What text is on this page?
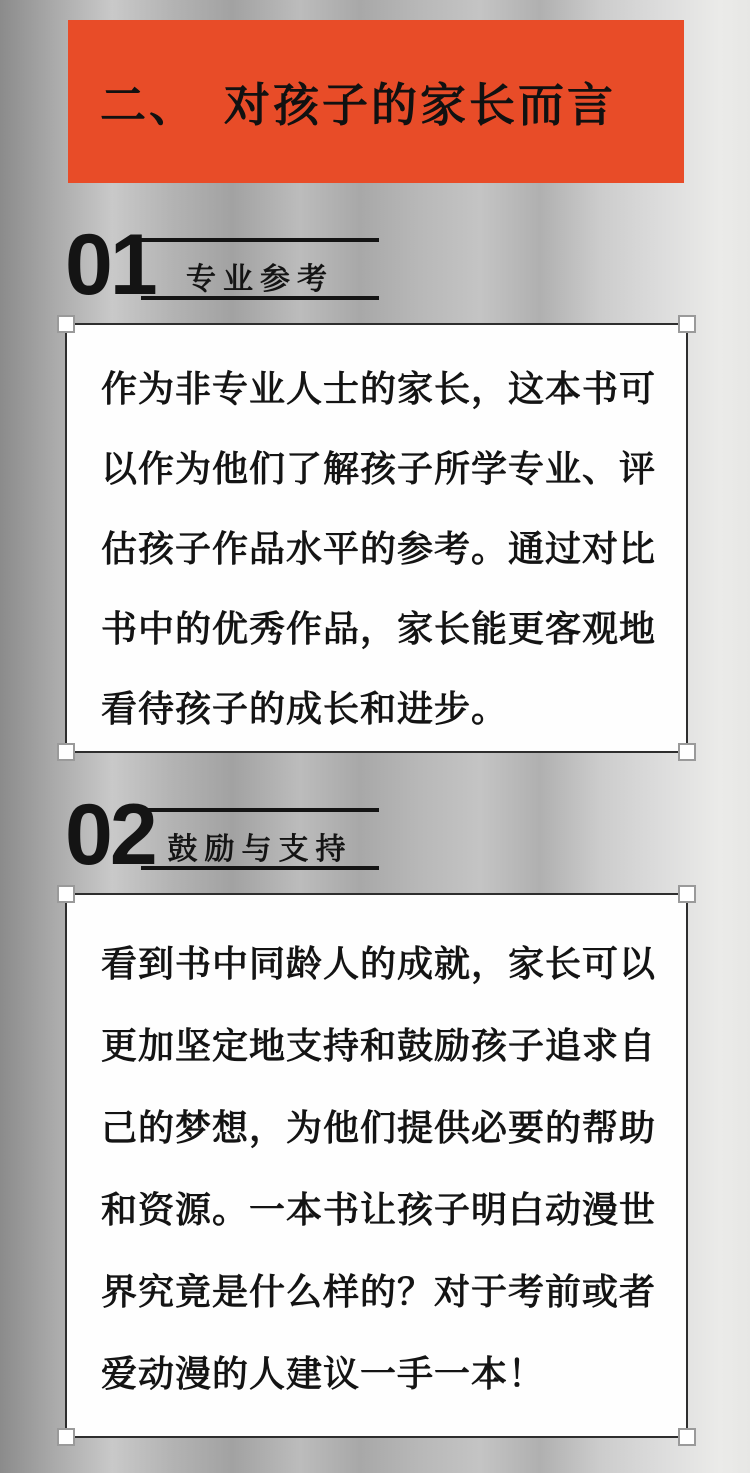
二、　对孩子的家长而言
01	专业参考
作为非专业人士的家长，这本书可
以作为他们了解孩子所学专业、评
估孩子作品水平的参考。通过对比
书中的优秀作品，家长能更客观地
看待孩子的成长和进步。
02 鼓励与支持
看到书中同龄人的成就，家长可以
更加坚定地支持和鼓励孩子追求自
己的梦想，为他们提供必要的帮助
和资源。一本书让孩子明白动漫世
界究竟是什么样的？对于考前或者
爱动漫的人建议一手一本！
